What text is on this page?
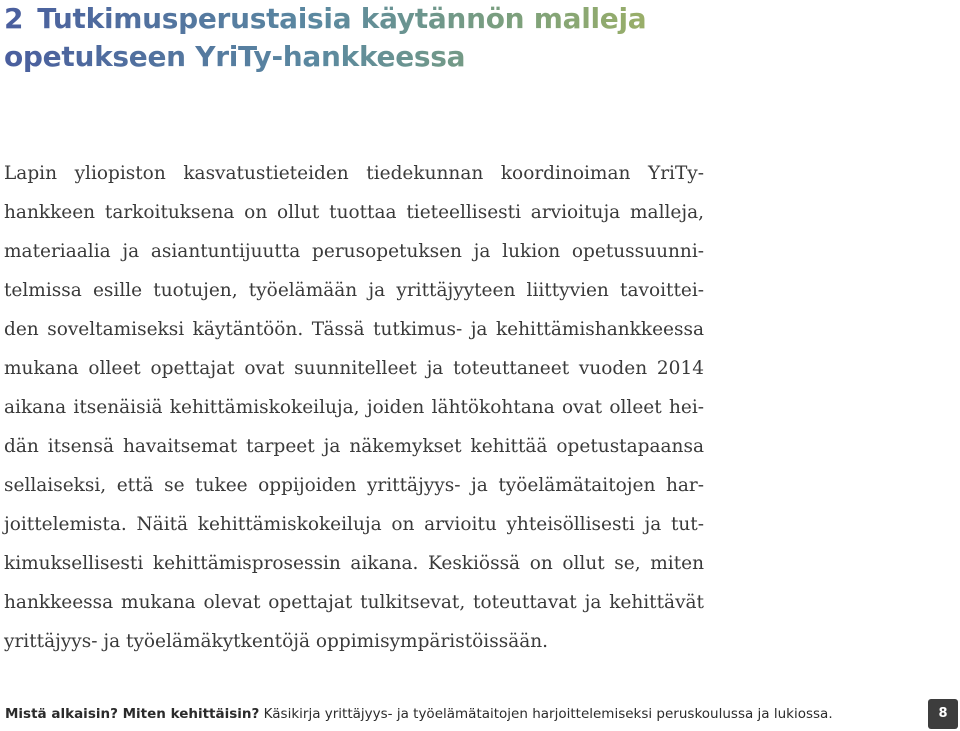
2 Tutkimusperustaisia käytännön malleja
opetukseen YriTy-hankkeessa
Lapin yliopiston kasvatustieteiden tiedekunnan koordinoiman YriTy-
hankkeen tarkoituksena on ollut tuottaa tieteellisesti arvioituja malleja,
materiaalia ja asiantuntijuutta perusopetuksen ja lukion opetussuunni-
telmissa esille tuotujen, työelämään ja yrittäjyyteen liittyvien tavoittei-
den soveltamiseksi käytäntöön. Tässä tutkimus- ja kehittämishankkeessa
mukana olleet opettajat ovat suunnitelleet ja toteuttaneet vuoden 2014
aikana itsenäisiä kehittämiskokeiluja, joiden lähtökohtana ovat olleet hei-
dän itsensä havaitsemat tarpeet ja näkemykset kehittää opetustapaansa
sellaiseksi, että se tukee oppijoiden yrittäjyys- ja työelämätaitojen har-
joittelemista. Näitä kehittämiskokeiluja on arvioitu yhteisöllisesti ja tut-
kimuksellisesti kehittämisprosessin aikana. Keskiössä on ollut se, miten
hankkeessa mukana olevat opettajat tulkitsevat, toteuttavat ja kehittävät
yrittäjyys- ja työelämäkytkentöjä oppimisympäristöissään.
Mistä alkaisin? Miten kehittäisin? Käsikirja yrittäjyys- ja työelämätaitojen harjoittelemiseksi peruskoulussa ja lukiossa.	8
